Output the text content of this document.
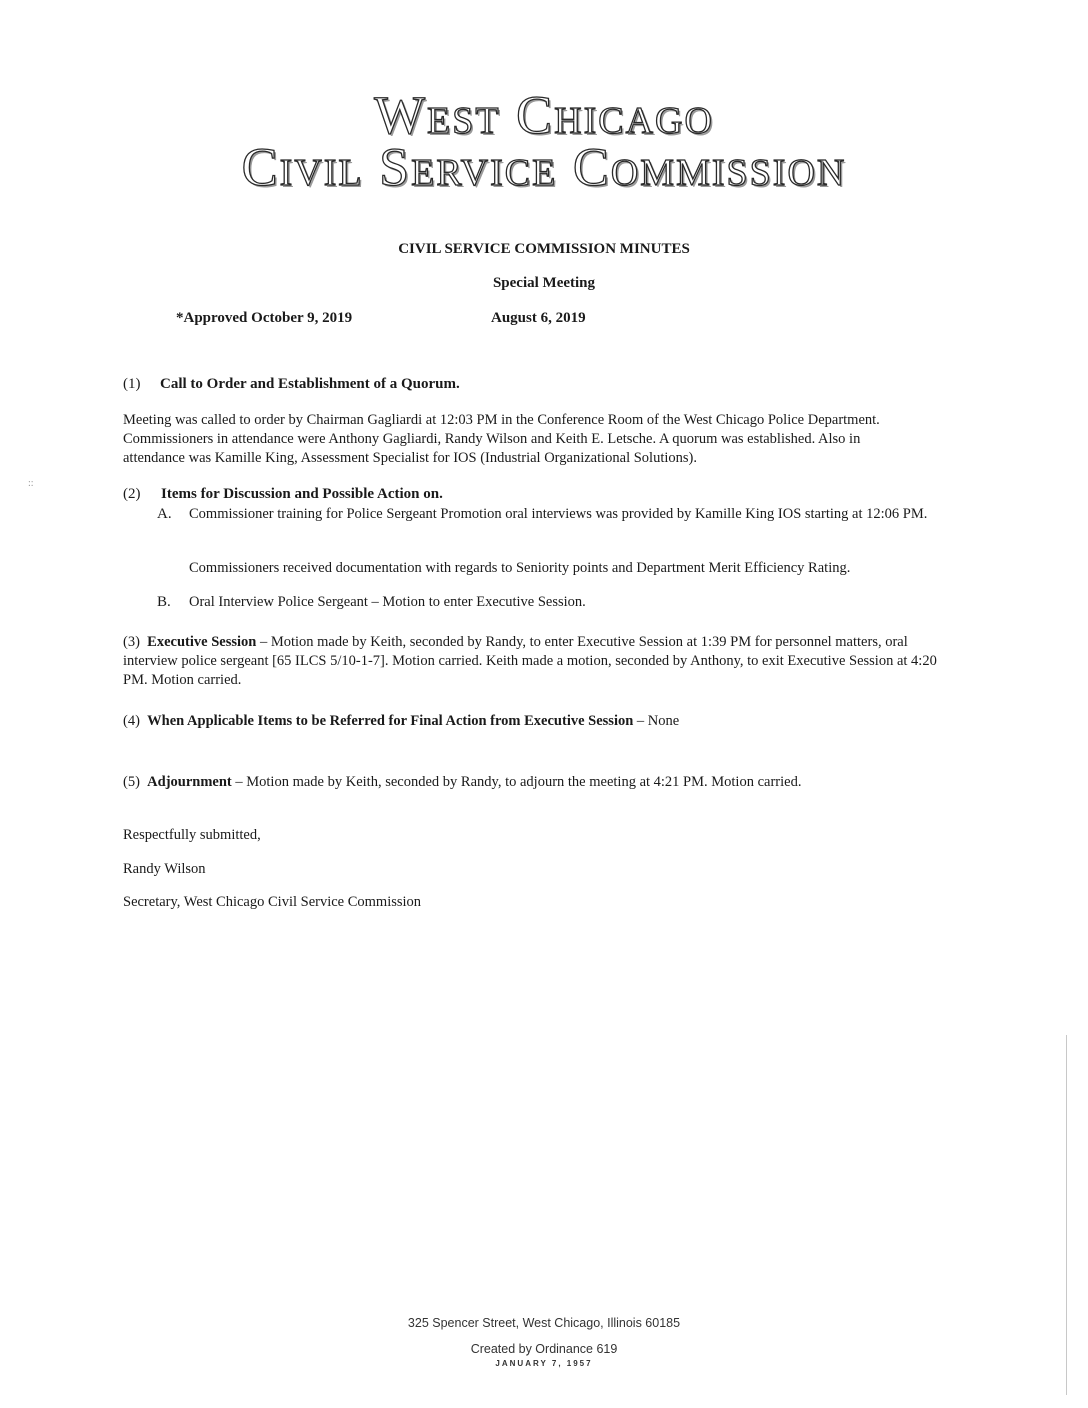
West Chicago
Civil Service Commission
CIVIL SERVICE COMMISSION MINUTES
Special Meeting
*Approved October 9, 2019	August 6, 2019
(1) Call to Order and Establishment of a Quorum.
Meeting was called to order by Chairman Gagliardi at 12:03 PM in the Conference Room of the West Chicago Police Department. Commissioners in attendance were Anthony Gagliardi, Randy Wilson and Keith E. Letsche. A quorum was established. Also in attendance was Kamille King, Assessment Specialist for IOS (Industrial Organizational Solutions).
::
(2) Items for Discussion and Possible Action on.
A. Commissioner training for Police Sergeant Promotion oral interviews was provided by Kamille King IOS starting at 12:06 PM.
Commissioners received documentation with regards to Seniority points and Department Merit Efficiency Rating.
B. Oral Interview Police Sergeant – Motion to enter Executive Session.
(3) Executive Session – Motion made by Keith, seconded by Randy, to enter Executive Session at 1:39 PM for personnel matters, oral interview police sergeant [65 ILCS 5/10-1-7]. Motion carried. Keith made a motion, seconded by Anthony, to exit Executive Session at 4:20 PM. Motion carried.
(4) When Applicable Items to be Referred for Final Action from Executive Session – None
(5) Adjournment – Motion made by Keith, seconded by Randy, to adjourn the meeting at 4:21 PM. Motion carried.
Respectfully submitted,
Randy Wilson
Secretary, West Chicago Civil Service Commission
325 Spencer Street, West Chicago, Illinois 60185
Created by Ordinance 619
JANUARY 7, 1957
